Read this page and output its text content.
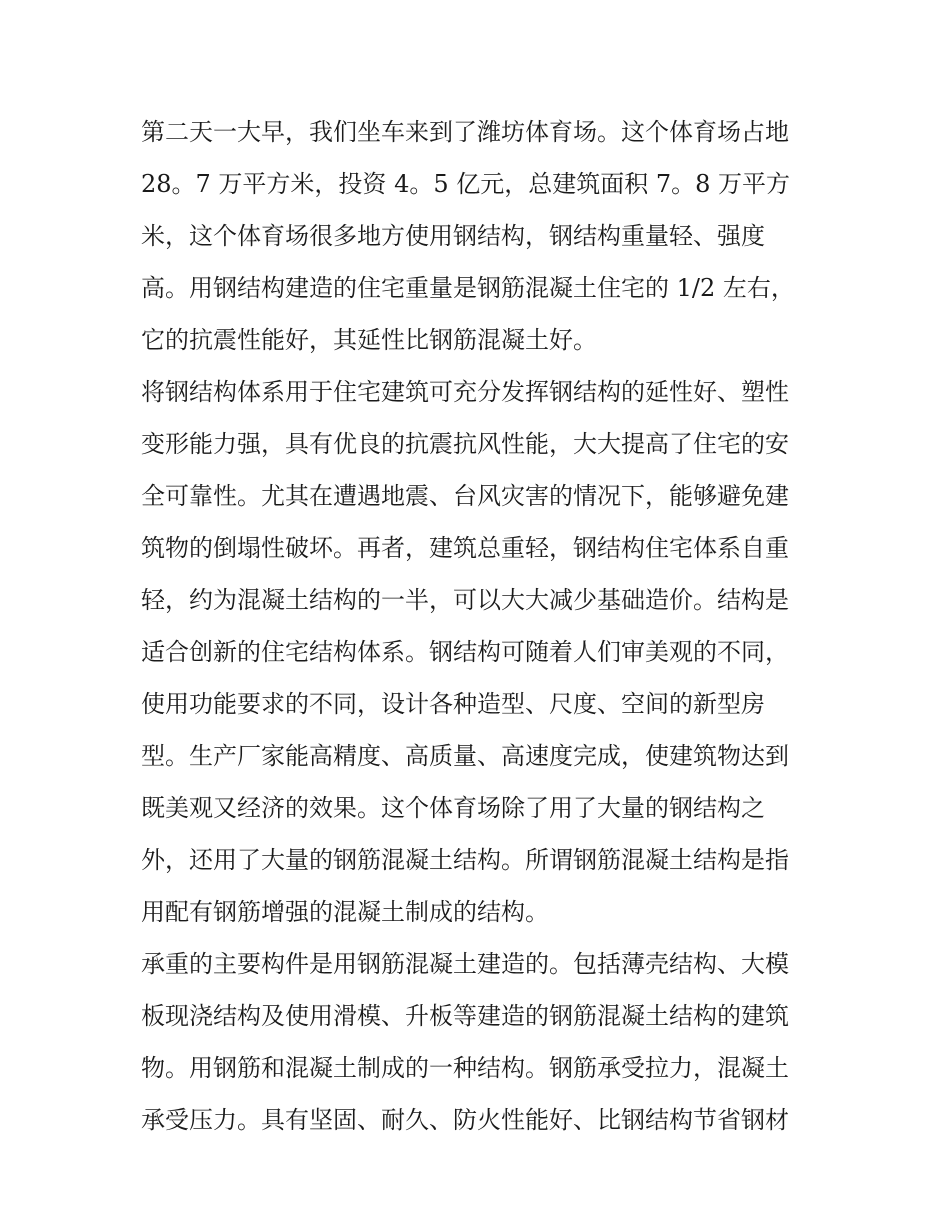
第二天一大早，我们坐车来到了潍坊体育场。这个体育场占地
28。7 万平方米，投资 4。5 亿元，总建筑面积 7。8 万平方
米，这个体育场很多地方使用钢结构，钢结构重量轻、强度
高。用钢结构建造的住宅重量是钢筋混凝土住宅的 1/2 左右，
它的抗震性能好，其延性比钢筋混凝土好。
将钢结构体系用于住宅建筑可充分发挥钢结构的延性好、塑性
变形能力强，具有优良的抗震抗风性能，大大提高了住宅的安
全可靠性。尤其在遭遇地震、台风灾害的情况下，能够避免建
筑物的倒塌性破坏。再者，建筑总重轻，钢结构住宅体系自重
轻，约为混凝土结构的一半，可以大大减少基础造价。结构是
适合创新的住宅结构体系。钢结构可随着人们审美观的不同，
使用功能要求的不同，设计各种造型、尺度、空间的新型房
型。生产厂家能高精度、高质量、高速度完成，使建筑物达到
既美观又经济的效果。这个体育场除了用了大量的钢结构之
外，还用了大量的钢筋混凝土结构。所谓钢筋混凝土结构是指
用配有钢筋增强的混凝土制成的结构。
承重的主要构件是用钢筋混凝土建造的。包括薄壳结构、大模
板现浇结构及使用滑模、升板等建造的钢筋混凝土结构的建筑
物。用钢筋和混凝土制成的一种结构。钢筋承受拉力，混凝土
承受压力。具有坚固、耐久、防火性能好、比钢结构节省钢材
